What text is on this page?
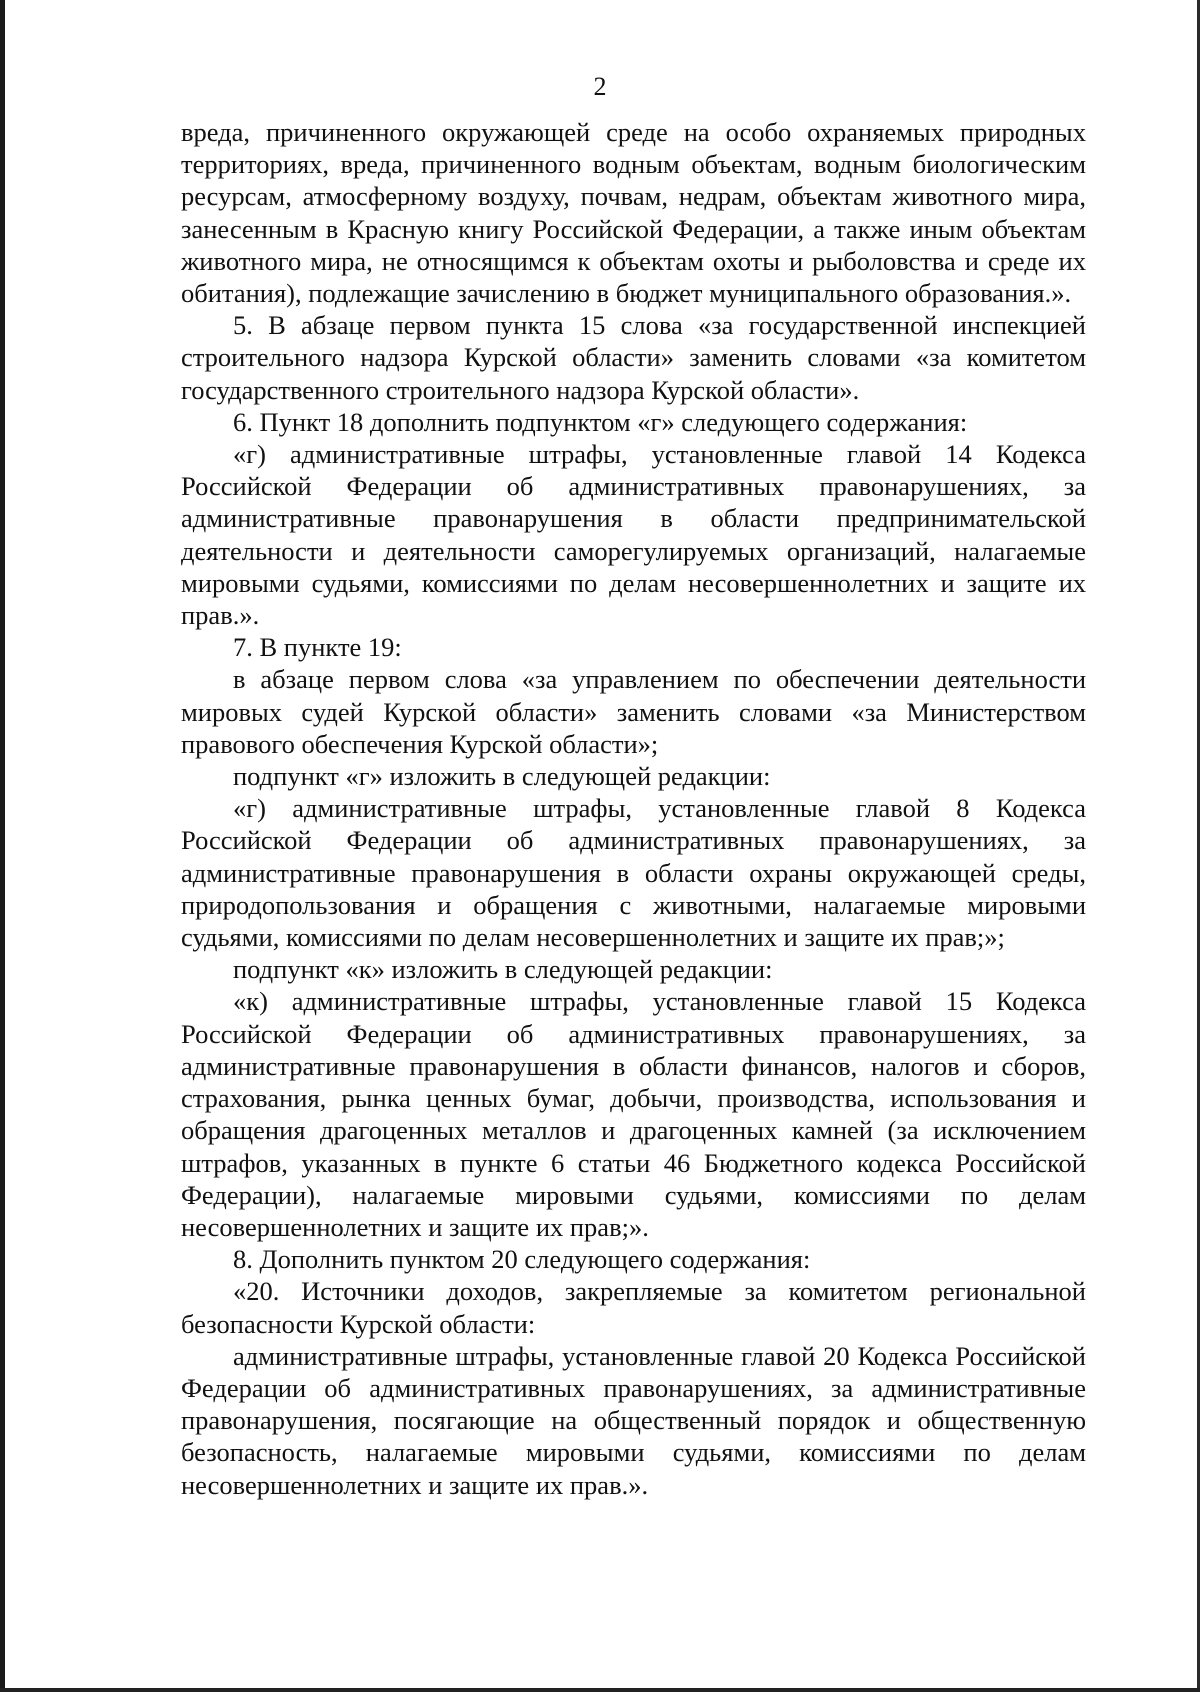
2

вреда, причиненного окружающей среде на особо охраняемых природных территориях, вреда, причиненного водным объектам, водным биологическим ресурсам, атмосферному воздуху, почвам, недрам, объектам животного мира, занесенным в Красную книгу Российской Федерации, а также иным объектам животного мира, не относящимся к объектам охоты и рыболовства и среде их обитания), подлежащие зачислению в бюджет муниципального образования.».

5. В абзаце первом пункта 15 слова «за государственной инспекцией строительного надзора Курской области» заменить словами «за комитетом государственного строительного надзора Курской области».

6. Пункт 18 дополнить подпунктом «г» следующего содержания:

«г) административные штрафы, установленные главой 14 Кодекса Российской Федерации об административных правонарушениях, за административные правонарушения в области предпринимательской деятельности и деятельности саморегулируемых организаций, налагаемые мировыми судьями, комиссиями по делам несовершеннолетних и защите их прав.».

7. В пункте 19:

в абзаце первом слова «за управлением по обеспечении деятельности мировых судей Курской области» заменить словами «за Министерством правового обеспечения Курской области»;

подпункт «г» изложить в следующей редакции:

«г) административные штрафы, установленные главой 8 Кодекса Российской Федерации об административных правонарушениях, за административные правонарушения в области охраны окружающей среды, природопользования и обращения с животными, налагаемые мировыми судьями, комиссиями по делам несовершеннолетних и защите их прав;»;

подпункт «к» изложить в следующей редакции:

«к) административные штрафы, установленные главой 15 Кодекса Российской Федерации об административных правонарушениях, за административные правонарушения в области финансов, налогов и сборов, страхования, рынка ценных бумаг, добычи, производства, использования и обращения драгоценных металлов и драгоценных камней (за исключением штрафов, указанных в пункте 6 статьи 46 Бюджетного кодекса Российской Федерации), налагаемые мировыми судьями, комиссиями по делам несовершеннолетних и защите их прав;».

8. Дополнить пунктом 20 следующего содержания:

«20. Источники доходов, закрепляемые за комитетом региональной безопасности Курской области:

административные штрафы, установленные главой 20 Кодекса Российской Федерации об административных правонарушениях, за административные правонарушения, посягающие на общественный порядок и общественную безопасность, налагаемые мировыми судьями, комиссиями по делам несовершеннолетних и защите их прав.».
